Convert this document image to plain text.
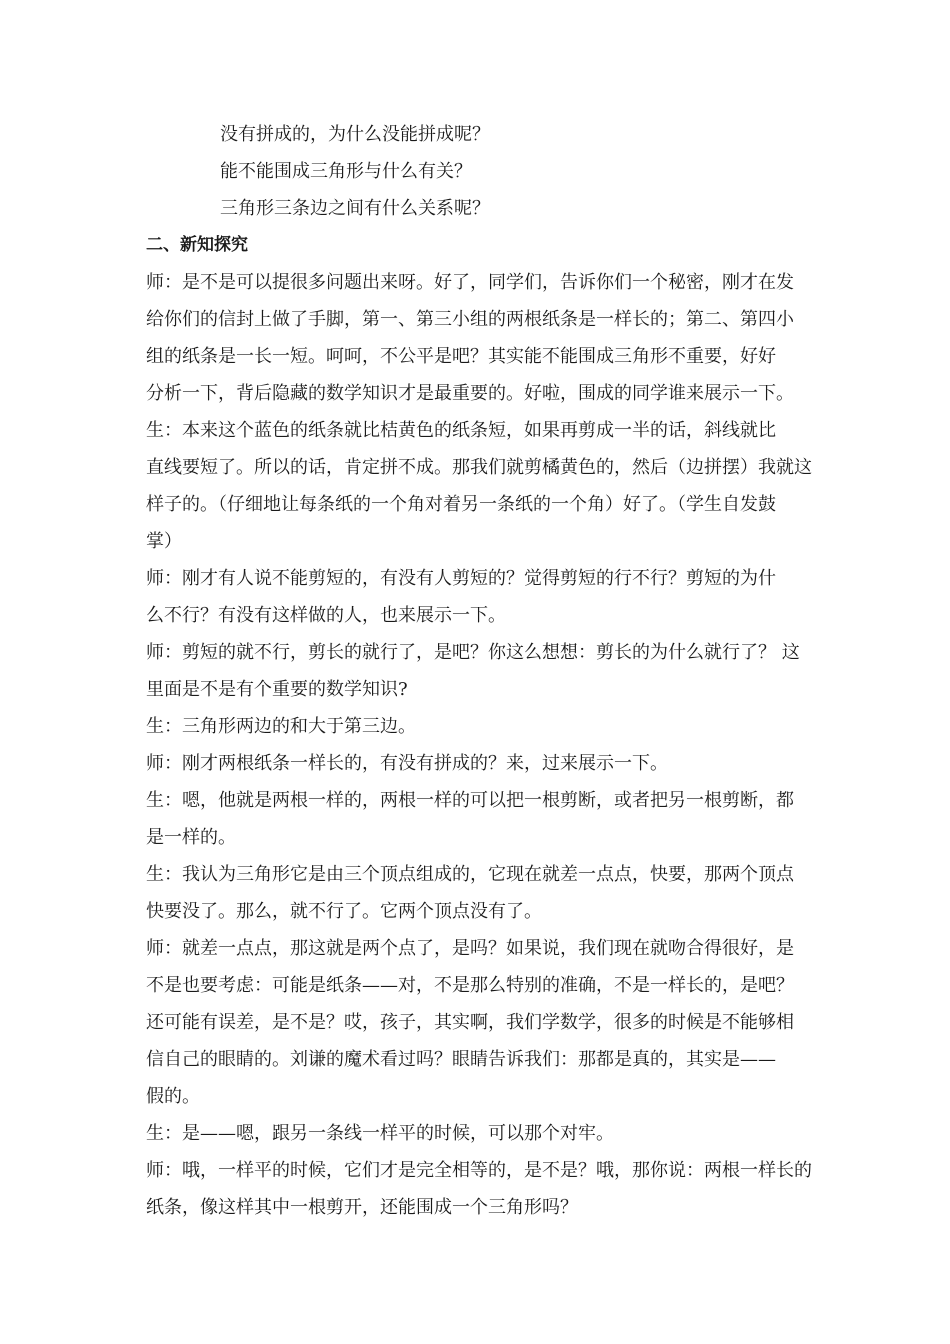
没有拼成的，为什么没能拼成呢？
能不能围成三角形与什么有关？
三角形三条边之间有什么关系呢？
二、新知探究
师：是不是可以提很多问题出来呀。好了，同学们，告诉你们一个秘密，刚才在发
给你们的信封上做了手脚，第一、第三小组的两根纸条是一样长的；第二、第四小
组的纸条是一长一短。呵呵，不公平是吧？其实能不能围成三角形不重要，好好
分析一下，背后隐藏的数学知识才是最重要的。好啦，围成的同学谁来展示一下。
生：本来这个蓝色的纸条就比桔黄色的纸条短，如果再剪成一半的话，斜线就比
直线要短了。所以的话，肯定拼不成。那我们就剪橘黄色的，然后（边拼摆）我就这
样子的。（仔细地让每条纸的一个角对着另一条纸的一个角）好了。（学生自发鼓
掌）
师：刚才有人说不能剪短的，有没有人剪短的？觉得剪短的行不行？剪短的为什
么不行？有没有这样做的人，也来展示一下。
师：剪短的就不行，剪长的就行了，是吧？你这么想想：剪长的为什么就行了？ 这
里面是不是有个重要的数学知识?
生：三角形两边的和大于第三边。
师：刚才两根纸条一样长的，有没有拼成的？来，过来展示一下。
生：嗯，他就是两根一样的，两根一样的可以把一根剪断，或者把另一根剪断，都
是一样的。
生：我认为三角形它是由三个顶点组成的，它现在就差一点点，快要，那两个顶点
快要没了。那么，就不行了。它两个顶点没有了。
师：就差一点点，那这就是两个点了，是吗？如果说，我们现在就吻合得很好，是
不是也要考虑：可能是纸条——对，不是那么特别的准确，不是一样长的，是吧？
还可能有误差，是不是？哎，孩子，其实啊，我们学数学，很多的时候是不能够相
信自己的眼睛的。刘谦的魔术看过吗？眼睛告诉我们：那都是真的，其实是——
假的。
生：是——嗯，跟另一条线一样平的时候，可以那个对牢。
师：哦，一样平的时候，它们才是完全相等的，是不是？哦，那你说：两根一样长的
纸条，像这样其中一根剪开，还能围成一个三角形吗？
